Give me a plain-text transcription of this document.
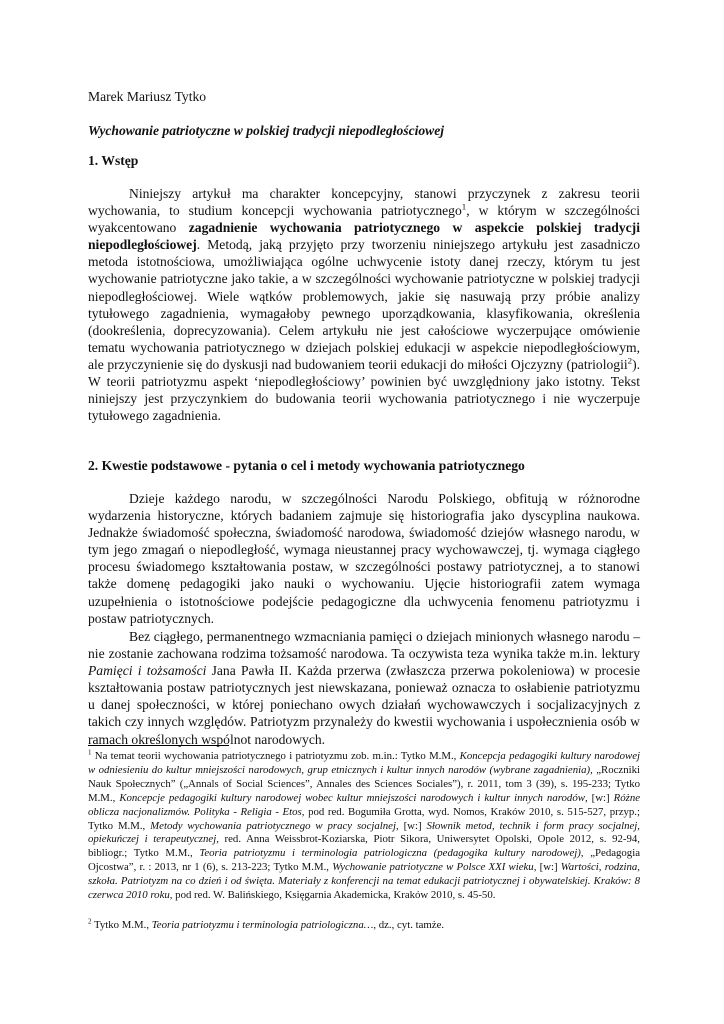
Marek Mariusz Tytko
Wychowanie patriotyczne w polskiej tradycji niepodległościowej
1. Wstęp
Niniejszy artykuł ma charakter koncepcyjny, stanowi przyczynek z zakresu teorii wychowania, to studium koncepcji wychowania patriotycznego$^1$, w którym w szczególności wyakcentowano zagadnienie wychowania patriotycznego w aspekcie polskiej tradycji niepodległościowej. Metodą, jaką przyjęto przy tworzeniu niniejszego artykułu jest zasadniczo metoda istotnościowa, umożliwiająca ogólne uchwycenie istoty danej rzeczy, którym tu jest wychowanie patriotyczne jako takie, a w szczególności wychowanie patriotyczne w polskiej tradycji niepodległościowej. Wiele wątków problemowych, jakie się nasuwają przy próbie analizy tytułowego zagadnienia, wymagałoby pewnego uporządkowania, klasyfikowania, określenia (dookreślenia, doprecyzowania). Celem artykułu nie jest całościowe wyczerpujące omówienie tematu wychowania patriotycznego w dziejach polskiej edukacji w aspekcie niepodległościowym, ale przyczynienie się do dyskusji nad budowaniem teorii edukacji do miłości Ojczyzny (patriologii$^2$). W teorii patriotyzmu aspekt ‘niepodległościowy’ powinien być uwzględniony jako istotny. Tekst niniejszy jest przyczynkiem do budowania teorii wychowania patriotycznego i nie wyczerpuje tytułowego zagadnienia.
2. Kwestie podstawowe - pytania o cel i metody wychowania patriotycznego
Dzieje każdego narodu, w szczególności Narodu Polskiego, obfitują w różnorodne wydarzenia historyczne, których badaniem zajmuje się historiografia jako dyscyplina naukowa. Jednakże świadomość społeczna, świadomość narodowa, świadomość dziejów własnego narodu, w tym jego zmagań o niepodległość, wymaga nieustannej pracy wychowawczej, tj. wymaga ciągłego procesu świadomego kształtowania postaw, w szczególności postawy patriotycznej, a to stanowi także domenę pedagogiki jako nauki o wychowaniu. Ujęcie historiografii zatem wymaga uzupełnienia o istotnościowe podejście pedagogiczne dla uchwycenia fenomenu patriotyzmu i postaw patriotycznych.
Bez ciągłego, permanentnego wzmacniania pamięci o dziejach minionych własnego narodu – nie zostanie zachowana rodzima tożsamość narodowa. Ta oczywista teza wynika także m.in. lektury Pamięci i tożsamości Jana Pawła II. Każda przerwa (zwłaszcza przerwa pokoleniowa) w procesie kształtowania postaw patriotycznych jest niewskazana, ponieważ oznacza to osłabienie patriotyzmu u danej społeczności, w której poniechano owych działań wychowawczych i socjalizacyjnych z takich czy innych względów. Patriotyzm przynależy do kwestii wychowania i uspołecznienia osób w ramach określonych wspólnot narodowych.
$^1$ Na temat teorii wychowania patriotycznego i patriotyzmu zob. m.in.: Tytko M.M., Koncepcja pedagogiki kultury narodowej w odniesieniu do kultur mniejszości narodowych, grup etnicznych i kultur innych narodów (wybrane zagadnienia), „Roczniki Nauk Społecznych” („Annals of Social Sciences”, Annales des Sciences Sociales”), r. 2011, tom 3 (39), s. 195-233; Tytko M.M., Koncepcje pedagogiki kultury narodowej wobec kultur mniejszości narodowych i kultur innych narodów, [w:] Różne oblicza nacjonalizmów. Polityka - Religia - Etos, pod red. Bogumiła Grotta, wyd. Nomos, Kraków 2010, s. 515-527, przyp.; Tytko M.M., Metody wychowania patriotycznego w pracy socjalnej, [w:] Słownik metod, technik i form pracy socjalnej, opiekuńczej i terapeutycznej, red. Anna Weissbrot-Koziarska, Piotr Sikora, Uniwersytet Opolski, Opole 2012, s. 92-94, bibliogr.; Tytko M.M., Teoria patriotyzmu i terminologia patriologiczna (pedagogika kultury narodowej), „Pedagogia Ojcostwa”, r. : 2013, nr 1 (6), s. 213-223; Tytko M.M., Wychowanie patriotyczne w Polsce XXI wieku, [w:] Wartości, rodzina, szkoła. Patriotyzm na co dzień i od święta. Materiały z konferencji na temat edukacji patriotycznej i obywatelskiej. Kraków: 8 czerwca 2010 roku, pod red. W. Balińskiego, Księgarnia Akademicka, Kraków 2010, s. 45-50.
$^2$ Tytko M.M., Teoria patriotyzmu i terminologia patriologiczna…, dz., cyt. tamże.
